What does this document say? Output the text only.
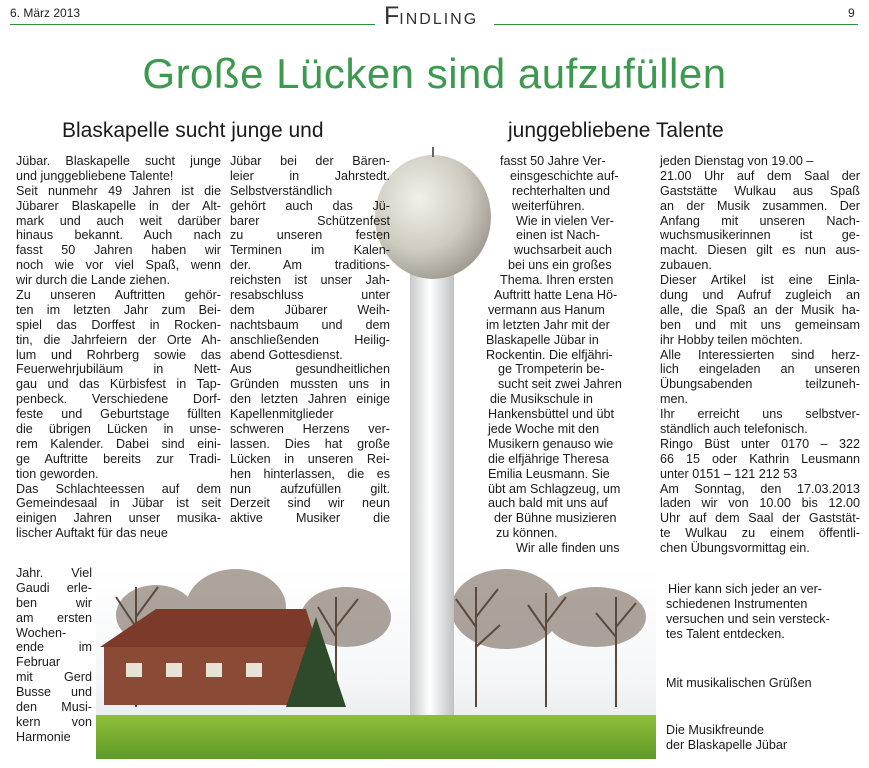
6. März 2013	FINDLING	9
Große Lücken sind aufzufüllen
Blaskapelle sucht junge und	junggebliebene Talente
Jübar. Blaskapelle sucht junge
und junggebliebene Talente!
Seit nunmehr 49 Jahren ist die
Jübarer Blaskapelle in der Alt-
mark und auch weit darüber
hinaus bekannt. Auch nach
fasst 50 Jahren haben wir
noch wie vor viel Spaß, wenn
wir durch die Lande ziehen.
Zu unseren Auftritten gehör-
ten im letzten Jahr zum Bei-
spiel das Dorffest in Rocken-
tin, die Jahrfeiern der Orte Ah-
lum und Rohrberg sowie das
Feuerwehrjubiläum in Nett-
gau und das Kürbisfest in Tap-
penbeck. Verschiedene Dorf-
feste und Geburtstage füllten
die übrigen Lücken in unse-
rem Kalender. Dabei sind eini-
ge Auftritte bereits zur Tradi-
tion geworden.
Das Schlachteessen auf dem
Gemeindesaal in Jübar ist seit
einigen Jahren unser musika-
lischer Auftakt für das neue
Jahr. Viel
Gaudi erle-
ben wir
am ersten
Wochen-
ende im
Februar
mit Gerd
Busse und
den Musi-
kern von
Harmonie
Jübar bei der Bären-
leier in Jahrstedt.
Selbstverständlich
gehört auch das Jü-
barer Schützenfest
zu unseren festen
Terminen im Kalen-
der. Am traditions-
reichsten ist unser Jah-
resabschluss unter
dem Jübarer Weih-
nachtsbaum und dem
anschließenden Heilig-
abend Gottesdienst.
Aus gesundheitlichen
Gründen mussten uns in
den letzten Jahren einige
Kapellenmitglieder
schweren Herzens ver-
lassen. Dies hat große
Lücken in unseren Rei-
hen hinterlassen, die es
nun aufzufüllen gilt.
Derzeit sind wir neun
aktive Musiker die
fasst 50 Jahre Ver-
einsgeschichte auf-
rechterhalten und
weiterführen.
Wie in vielen Ver-
einen ist Nach-
wuchsarbeit auch
bei uns ein großes
Thema. Ihren ersten
Auftritt hatte Lena Hö-
vermann aus Hanum
im letzten Jahr mit der
Blaskapelle Jübar in
Rockentin. Die elfjähri-
ge Trompeterin be-
sucht seit zwei Jahren
die Musikschule in
Hankensbüttel und übt
jede Woche mit den
Musikern genauso wie
die elfjährige Theresa
Emilia Leusmann. Sie
übt am Schlagzeug, um
auch bald mit uns auf
der Bühne musizieren
zu können.
Wir alle finden uns
jeden Dienstag von 19.00 –
21.00 Uhr auf dem Saal der
Gaststätte Wulkau aus Spaß
an der Musik zusammen. Der
Anfang mit unseren Nach-
wuchsmusikerinnen ist ge-
macht. Diesen gilt es nun aus-
zubauen.
Dieser Artikel ist eine Einla-
dung und Aufruf zugleich an
alle, die Spaß an der Musik ha-
ben und mit uns gemeinsam
ihr Hobby teilen möchten.
Alle Interessierten sind herz-
lich eingeladen an unseren
Übungsabenden teilzuneh-
men.
Ihr erreicht uns selbstver-
ständlich auch telefonisch.
Ringo Büst unter 0170 – 322
66 15 oder Kathrin Leusmann
unter 0151 – 121 212 53
Am Sonntag, den 17.03.2013
laden wir von 10.00 bis 12.00
Uhr auf dem Saal der Gaststät-
te Wulkau zu einem öffentli-
chen Übungsvormittag ein.
Hier kann sich jeder an ver-
schiedenen Instrumenten
versuchen und sein versteck-
tes Talent entdecken.
Mit musikalischen Grüßen
Die Musikfreunde
der Blaskapelle Jübar
